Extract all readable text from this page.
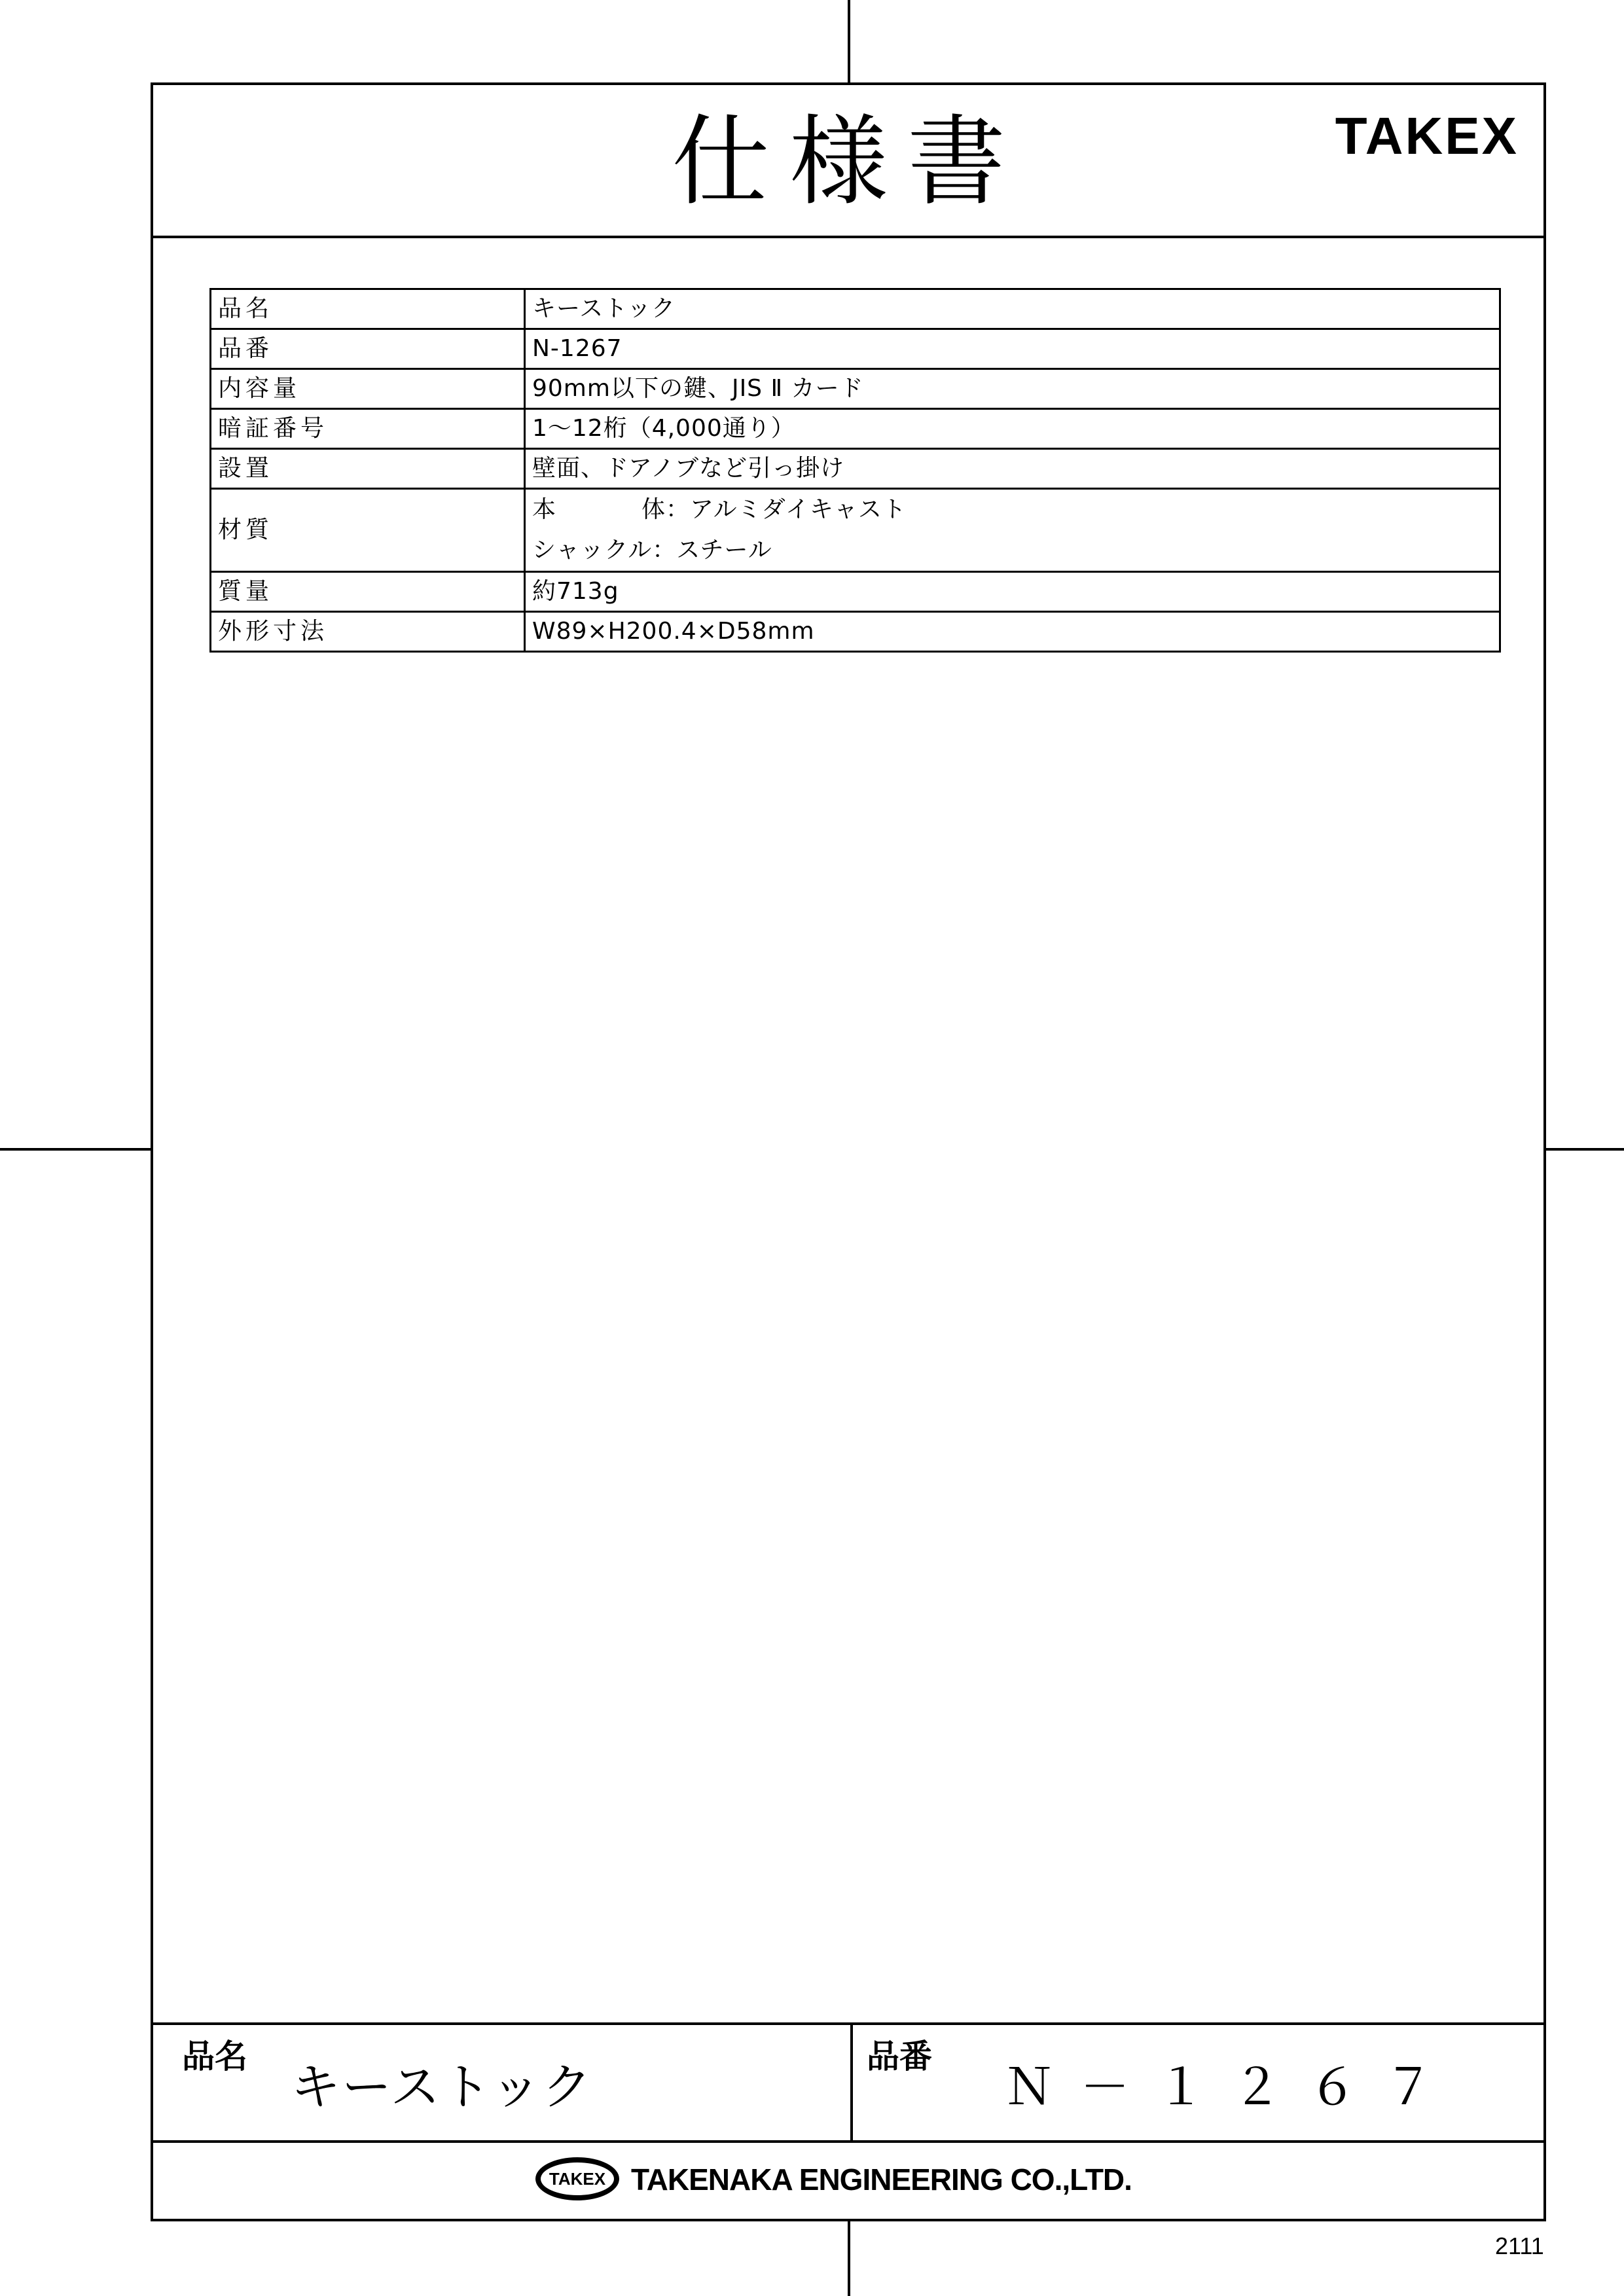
仕様書	TAKEX
品名	キーストック
品番	N-1267
内容量	90mm以下の鍵、JIS Ⅱ カード
暗証番号	1～12桁（4,000通り）
設置	壁面、ドアノブなど引っ掛け
材質	本 体：アルミダイキャスト
シャックル：スチール

質量	約713g
外形寸法	W89×H200.4×D58mm
品名
キーストック
品番
Ｎ－１２６７
TAKEX TAKENAKA ENGINEERING CO.,LTD.
2111
